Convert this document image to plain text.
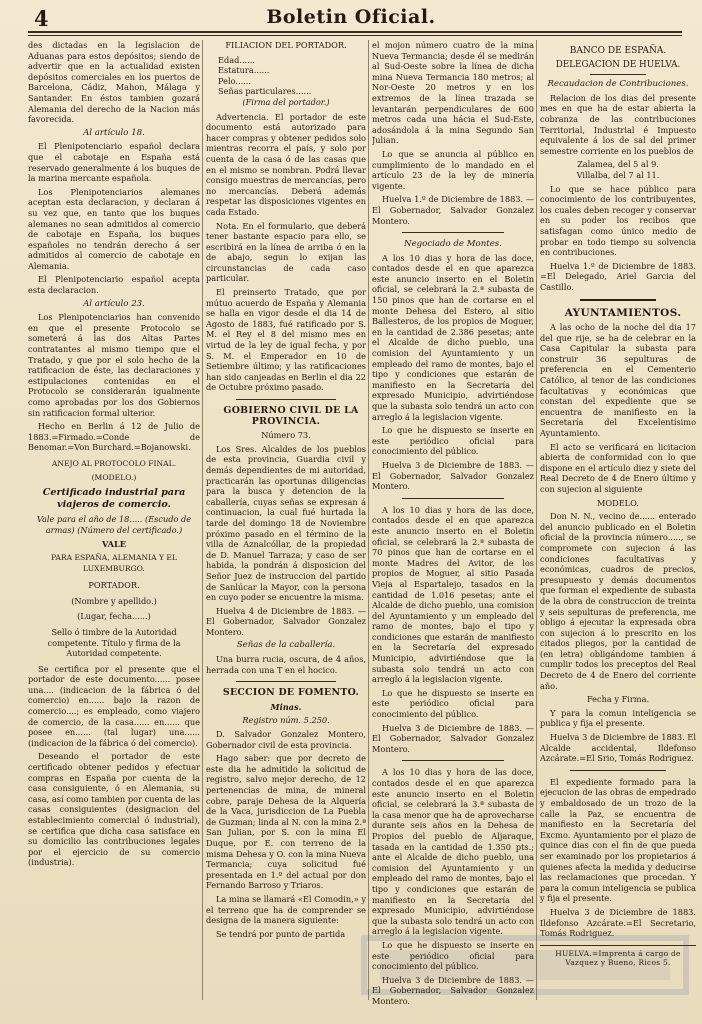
4	Boletin Oficial.

des dictadas en la legislacion de Aduanas para estos depósitos; siendo de advertir que en la actualidad existen depósitos comerciales en los puertos de Barcelona, Cádiz, Mahon, Málaga y Santander. En éstos tambien gozará Alemania del derecho de la Nacion más favorecida.

Al artículo 18.

El Plenipotenciario español declara que el cabotaje en España está reservado generalmente á los buques de la marina mercante española.

Los Plenipotenciarios alemanes aceptan esta declaracion, y declaran á su vez que, en tanto que los buques alemanes no sean admitidos al comercio de cabotaje en España, los buques españoles no tendrán derecho á ser admitidos al comercio de cabotaje en Alemania.

El Plenipotenciario español acepta esta declaracion.

Al artículo 23.

Los Plenipotenciarios han convenido en que el presente Protocolo se someterá á las dos Altas Partes contratantes al mismo tiempo que el Tratado, y que por el solo hecho de la ratificacion de éste, las declaraciones y estipulaciones contenidas en el Protocolo se considerarán igualmente como aprobadas por los dos Gobiernos sin ratificacion formal ulterior.

Hecho en Berlin á 12 de Julio de 1883.=Firmado.=Conde de Benomar.=Von Burchard.=Bojanowski.

ANEJO AL PROTOCOLO FINAL.

(MODELO.)

Certificado industrial para viajeros de comercio.

Vale para el año de 18..... (Escudo de armas) (Número del certificado.)

VALE

PARA ESPAÑA, ALEMANIA Y EL LUXEMBURGO.

PORTADOR.

(Nombre y apellido.)

(Lugar, fecha......)

Sello ó timbre de la Autoridad competente. Título y firma de la Autoridad competente.

Se certifica por el presente que el portador de este documento...... posee una.... (indicacion de la fábrica ó del comercio) en...... bajo la razon de comercio....; es empleado, como viajero de comercio, de la casa...... en...... que posee en...... (tal lugar) una...... (indicacion de la fábrica ó del comercio).

Deseando el portador de este certificado obtener pedidos y efectuar compras en España por cuenta de la casa consiguiente, ó en Alemania, su casa, así como tambien por cuenta de las casas consiguientes (designacion del establecimiento comercial ó industrial), se certifica que dicha casa satisface en su domicilio las contribuciones legales por el ejercicio de su comercio (industria).

FILIACION DEL PORTADOR.

Edad......
Estatura......
Pelo......
Señas particulares......

(Firma del portador.)

Advertencia. El portador de este documento está autorizado para hacer compras y obtener pedidos solo mientras recorra el país, y solo por cuenta de la casa ó de las casas que en el mismo se nombran. Podrá llevar consigo muestras de mercancías, pero no mercancías. Deberá además respetar las disposiciones vigentes en cada Estado.

Nota. En el formulario, que deberá tener bastante espacio para ello, se escribirá en la línea de arriba ó en la de abajo, segun lo exijan las circunstancias de cada caso particular.

El preinserto Tratado, que por mútuo acuerdo de España y Alemania se halla en vigor desde el dia 14 de Agosto de 1883, fué ratificado por S. M. el Rey el 8 del mismo mes en virtud de la ley de igual fecha, y por S. M. el Emperador en 10 de Setiembre último; y las ratificaciones han sido canjeadas en Berlin el dia 22 de Octubre próximo pasado.

GOBIERNO CIVIL DE LA PROVINCIA.

Número 73.

Los Sres. Alcaldes de los pueblos de esta provincia, Guardia civil y demás dependientes de mi autoridad, practicarán las oportunas diligencias para la busca y detencion de la caballería, cuyas señas se expresan á continuacion, la cual fué hurtada la tarde del domingo 18 de Noviembre próximo pasado en el término de la villa de Aznalcóllar, de la propiedad de D. Manuel Tarraza; y caso de ser habida, la pondrán á disposicion del Señor Juez de instruccion del partido de Sanlúcar la Mayor, con la persona en cuyo poder se encuentre la misma.

Huelva 4 de Diciembre de 1883. —El Gobernador, Salvador Gonzalez Montero.

Señas de la caballería.

Una burra rucia, oscura, de 4 años, herrada con una T en el hocico.

SECCION DE FOMENTO.

Minas.

Registro núm. 5.250.

D. Salvador Gonzalez Montero, Gobernador civil de esta provincia.

Hago saber: que por decreto de este dia he admitido la solicitud de registro, salvo mejor derecho, de 12 pertenencias de mina, de mineral cobre, paraje Dehesa de la Alquería de la Vaca, jurisdiccion de La Puebla de Guzman; linda al N. con la mina 2.ª San Julian, por S. con la mina El Duque, por E. con terreno de la misma Dehesa y O. con la mina Nueva Termancia; cuya solicitud fué presentada en 1.º del actual por don Fernando Barroso y Triaros.

La mina se llamará «El Comodin,» y el terreno que ha de comprender se designa de la manera siguiente:

Se tendrá por punto de partida

el mojon número cuatro de la mina Nueva Termancia; desde él se medirán al Sud-Oeste sobre la línea de dicha mina Nueva Termancia 180 metros; al Nor-Oeste 20 metros y en los extremos de la línea trazada se levantarán perpendiculares de 600 metros cada una hácia el Sud-Este, adosándola á la mina Segundo San Julian.

Lo que se anuncia al público en cumplimiento de lo mandado en el artículo 23 de la ley de minería vigente.

Huelva 1.º de Diciembre de 1883. —El Gobernador, Salvador Gonzalez Montero.

Negociado de Montes.

A los 10 dias y hora de las doce, contados desde el en que aparezca este anuncio inserto en el Boletin oficial, se celebrará la 2.ª subasta de 150 pinos que han de cortarse en el monte Dehesa del Estero, al sitio Ballesteros, de los propios de Moguer, en la cantidad de 2.386 pesetas; ante el Alcalde de dicho pueblo, una comision del Ayuntamiento y un empleado del ramo de montes, bajo el tipo y condiciones que estarán de manifiesto en la Secretaría del expresado Municipio, advirtiéndose que la subasta solo tendrá un acto con arreglo á la legislacion vigente.

Lo que he dispuesto se inserte en este periódico oficial para conocimiento del público.

Huelva 3 de Diciembre de 1883. —El Gobernador, Salvador Gonzalez Montero.

A los 10 dias y hora de las doce, contados desde el en que aparezca este anuncio inserto en el Boletin oficial, se celebrará la 2.ª subasta de 70 pinos que han de cortarse en el monte Madres del Avitor, de los propios de Moguer, al sitio Pasada Vieja al Espartalejo, tasados en la cantidad de 1.016 pesetas; ante el Alcalde de dicho pueblo, una comision del Ayuntamiento y un empleado del ramo de montes, bajo el tipo y condiciones que estarán de manifiesto en la Secretaría del expresado Municipio, advirtiéndose que la subasta solo tendrá un acto con arreglo á la legislacion vigente.

Lo que he dispuesto se inserte en este periódico oficial para conocimiento del público.

Huelva 3 de Diciembre de 1883. —El Gobernador, Salvador Gonzalez Montero.

A los 10 dias y hora de las doce, contados desde el en que aparezca este anuncio inserto en el Boletin oficial, se celebrará la 3.ª subasta de la casa menor que ha de aprovecharse durante seis años en la Dehesa de Propios del pueblo de Aljaraque, tasada en la cantidad de 1.350 pts.; ante el Alcalde de dicho pueblo, una comision del Ayuntamiento y un empleado del ramo de montes, bajo el tipo y condiciones que estarán de manifiesto en la Secretaría del expresado Municipio, advirtiéndose que la subasta solo tendrá un acto con arreglo á la legislacion vigente.

Lo que he dispuesto se inserte en este periódico oficial para conocimiento del público.

Huelva 3 de Diciembre de 1883. —El Gobernador, Salvador Gonzalez Montero.

BANCO DE ESPAÑA.

DELEGACION DE HUELVA.

Recaudacion de Contribuciones.

Relacion de los dias del presente mes en que ha de estar abierta la cobranza de las contribuciones Territorial, Industrial é Impuesto equivalente á los de sal del primer semestre corriente en los pueblos de

Zalamea, del 5 al 9.

Villalba, del 7 al 11.

Lo que se hace público para conocimiento de los contribuyentes, los cuales deben recoger y conservar en su poder los recibos que satisfagan como único medio de probar en todo tiempo su solvencia en contribuciones.

Huelva 1.º de Diciembre de 1883. =El Delegado, Ariel Garcia del Castillo.

AYUNTAMIENTOS.

A las ocho de la noche del dia 17 del que rije, se ha de celebrar en la Casa Capitular la subasta para construir 36 sepulturas de preferencia en el Cementerio Católico, al tenor de las condiciones facultativas y económicas que constan del expediente que se encuentra de manifiesto en la Secretaría del Excelentísimo Ayuntamiento.

El acto se verificará en licitacion abierta de conformidad con lo que dispone en el artículo diez y siete del Real Decreto de 4 de Enero último y con sujecion al siguiente

MODELO.

Don N. N., vecino de...... enterado del anuncio publicado en el Boletin oficial de la provincia número....., se compromete con sujecion á las condiciones facultativas y económicas, cuadros de precios, presupuesto y demás documentos que forman el expediente de subasta de la obra de construccion de treinta y seis sepulturas de preferencia, me obligo á ejecutar la expresada obra con sujecion á lo prescrito en los citados pliegos, por la cantidad de (en letra) obligándome tambien á cumplir todos los preceptos del Real Decreto de 4 de Enero del corriente año.

Fecha y Firma.

Y para la comun inteligencia se publica y fija el presente.

Huelva 3 de Diciembre de 1883. El Alcalde accidental, Ildefonso Azcárate.=El Srio, Tomás Rodriguez.

El expediente formado para la ejecucion de las obras de empedrado y embaldosado de un trozo de la calle la Paz, se encuentra de manifiesto en la Secretaría del Excmo. Ayuntamiento por el plazo de quince dias con el fin de que pueda ser examinado por los propietarios á quienes afecta la medida y deducirse las reclamaciones que procedan. Y para la comun inteligencia se publica y fija el presente.

Huelva 3 de Diciembre de 1883. Ildefonso Azcárate.=El Secretario, Tomás Rodriguez.

HUELVA.=Imprenta á cargo de Vazquez y Bueno, Ricos 5.
